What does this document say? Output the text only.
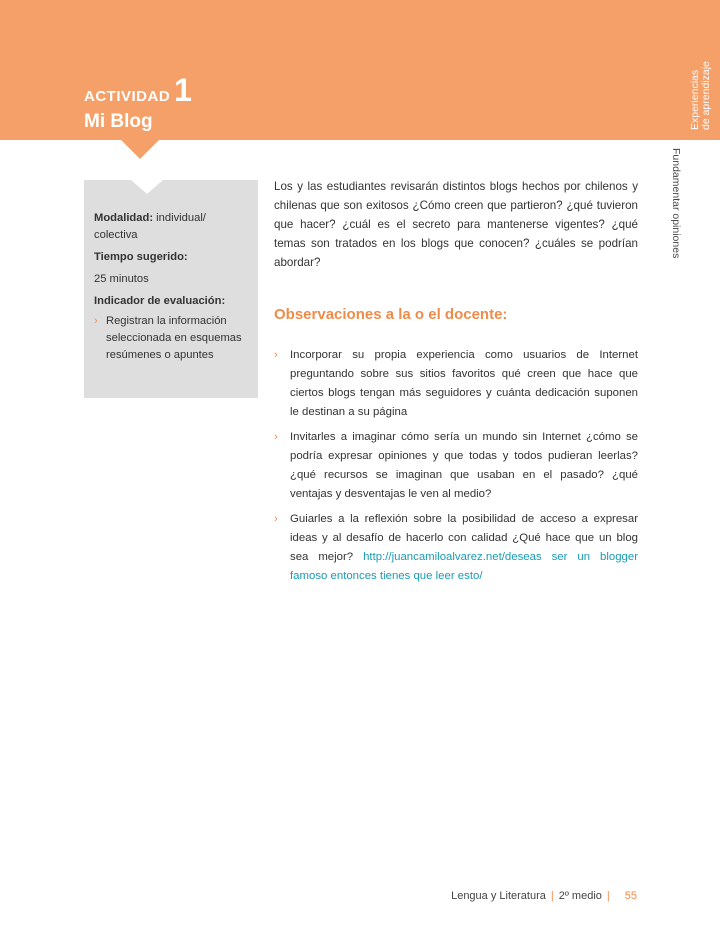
ACTIVIDAD 1
Mi Blog	Experiencias de aprendizaje
Fundamentar opiniones
Modalidad: individual/ colectiva
Tiempo sugerido:
25 minutos
Indicador de evaluación:
› Registran la información seleccionada en esquemas resúmenes o apuntes

Los y las estudiantes revisarán distintos blogs hechos por chilenos y chilenas que son exitosos ¿Cómo creen que partieron? ¿qué tuvieron que hacer? ¿cuál es el secreto para mantenerse vigentes? ¿qué temas son tratados en los blogs que conocen? ¿cuáles se podrían abordar?

Observaciones a la o el docente:
› Incorporar su propia experiencia como usuarios de Internet preguntando sobre sus sitios favoritos qué creen que hace que ciertos blogs tengan más seguidores y cuánta dedicación suponen le destinan a su página
› Invitarles a imaginar cómo sería un mundo sin Internet ¿cómo se podría expresar opiniones y que todas y todos pudieran leerlas? ¿qué recursos se imaginan que usaban en el pasado? ¿qué ventajas y desventajas le ven al medio?
› Guiarles a la reflexión sobre la posibilidad de acceso a expresar ideas y al desafío de hacerlo con calidad ¿Qué hace que un blog sea mejor? http://juancamiloalvarez.net/deseas ser un blogger famoso entonces tienes que leer esto/
Lengua y Literatura | 2º medio | 55
